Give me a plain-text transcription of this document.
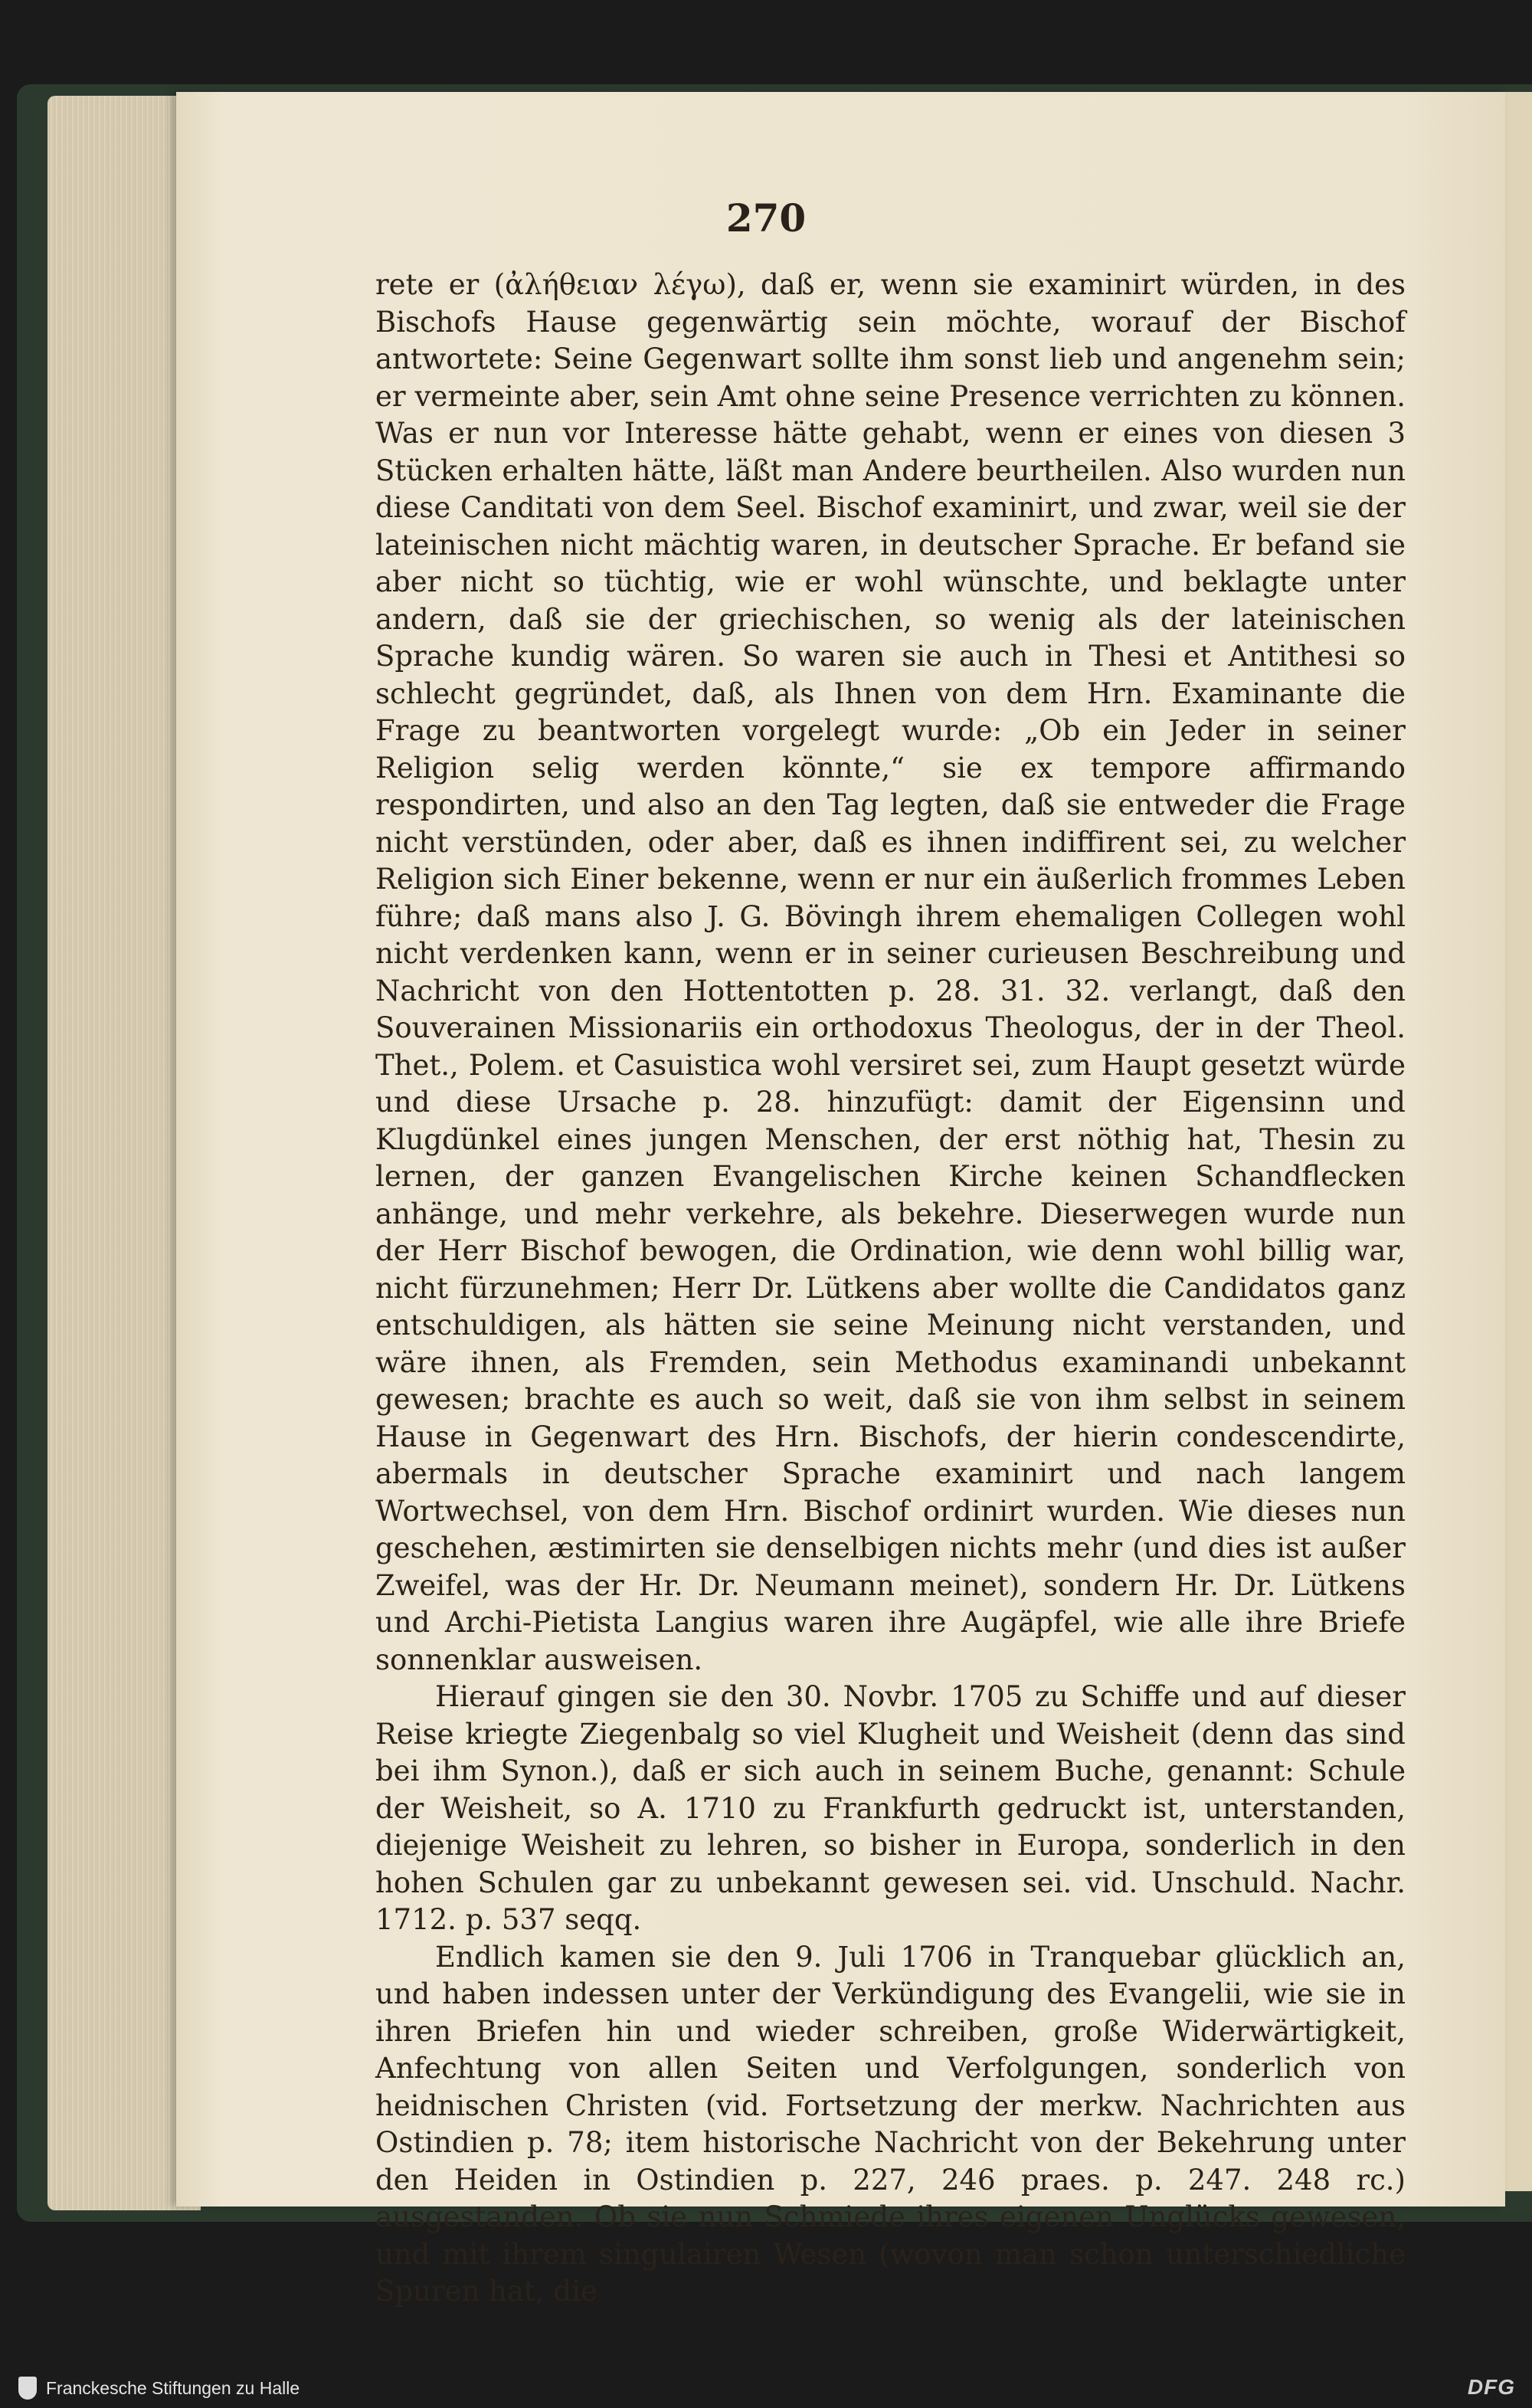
270

rete er (ἀλήθειαν λέγω), daß er, wenn sie examinirt würden, in des Bischofs Hause gegenwärtig sein möchte, worauf der Bischof antwortete: Seine Gegenwart sollte ihm sonst lieb und angenehm sein; er vermeinte aber, sein Amt ohne seine Presence verrichten zu können. Was er nun vor Interesse hätte gehabt, wenn er eines von diesen 3 Stücken erhalten hätte, läßt man Andere beurtheilen. Also wurden nun diese Canditati von dem Seel. Bischof examinirt, und zwar, weil sie der lateinischen nicht mächtig waren, in deutscher Sprache. Er befand sie aber nicht so tüchtig, wie er wohl wünschte, und beklagte unter andern, daß sie der griechischen, so wenig als der lateinischen Sprache kundig wären. So waren sie auch in Thesi et Antithesi so schlecht gegründet, daß, als Ihnen von dem Hrn. Examinante die Frage zu beantworten vorgelegt wurde: „Ob ein Jeder in seiner Religion selig werden könnte,“ sie ex tempore affirmando respondirten, und also an den Tag legten, daß sie entweder die Frage nicht verstünden, oder aber, daß es ihnen indiffirent sei, zu welcher Religion sich Einer bekenne, wenn er nur ein äußerlich frommes Leben führe; daß mans also J. G. Bövingh ihrem ehemaligen Collegen wohl nicht verdenken kann, wenn er in seiner curieusen Beschreibung und Nachricht von den Hottentotten p. 28. 31. 32. verlangt, daß den Souverainen Missionariis ein orthodoxus Theologus, der in der Theol. Thet., Polem. et Casuistica wohl versiret sei, zum Haupt gesetzt würde und diese Ursache p. 28. hinzufügt: damit der Eigensinn und Klugdünkel eines jungen Menschen, der erst nöthig hat, Thesin zu lernen, der ganzen Evangelischen Kirche keinen Schandflecken anhänge, und mehr verkehre, als bekehre. Dieserwegen wurde nun der Herr Bischof bewogen, die Ordination, wie denn wohl billig war, nicht fürzunehmen; Herr Dr. Lütkens aber wollte die Candidatos ganz entschuldigen, als hätten sie seine Meinung nicht verstanden, und wäre ihnen, als Fremden, sein Methodus examinandi unbekannt gewesen; brachte es auch so weit, daß sie von ihm selbst in seinem Hause in Gegenwart des Hrn. Bischofs, der hierin condescendirte, abermals in deutscher Sprache examinirt und nach langem Wortwechsel, von dem Hrn. Bischof ordinirt wurden. Wie dieses nun geschehen, æstimirten sie denselbigen nichts mehr (und dies ist außer Zweifel, was der Hr. Dr. Neumann meinet), sondern Hr. Dr. Lütkens und Archi-Pietista Langius waren ihre Augäpfel, wie alle ihre Briefe sonnenklar ausweisen.

Hierauf gingen sie den 30. Novbr. 1705 zu Schiffe und auf dieser Reise kriegte Ziegenbalg so viel Klugheit und Weisheit (denn das sind bei ihm Synon.), daß er sich auch in seinem Buche, genannt: Schule der Weisheit, so A. 1710 zu Frankfurth gedruckt ist, unterstanden, diejenige Weisheit zu lehren, so bisher in Europa, sonderlich in den hohen Schulen gar zu unbekannt gewesen sei. vid. Unschuld. Nachr. 1712. p. 537 seqq.

Endlich kamen sie den 9. Juli 1706 in Tranquebar glücklich an, und haben indessen unter der Verkündigung des Evangelii, wie sie in ihren Briefen hin und wieder schreiben, große Widerwärtigkeit, Anfechtung von allen Seiten und Verfolgungen, sonderlich von heidnischen Christen (vid. Fortsetzung der merkw. Nachrichten aus Ostindien p. 78; item historische Nachricht von der Bekehrung unter den Heiden in Ostindien p. 227, 246 praes. p. 247. 248 rc.) ausgestanden. Ob sie nun Schmiede ihres eigenen Unglücks gewesen, und mit ihrem singulairen Wesen (wovon man schon unterschiedliche Spuren hat, die

Franckesche Stiftungen zu Halle	DFG
